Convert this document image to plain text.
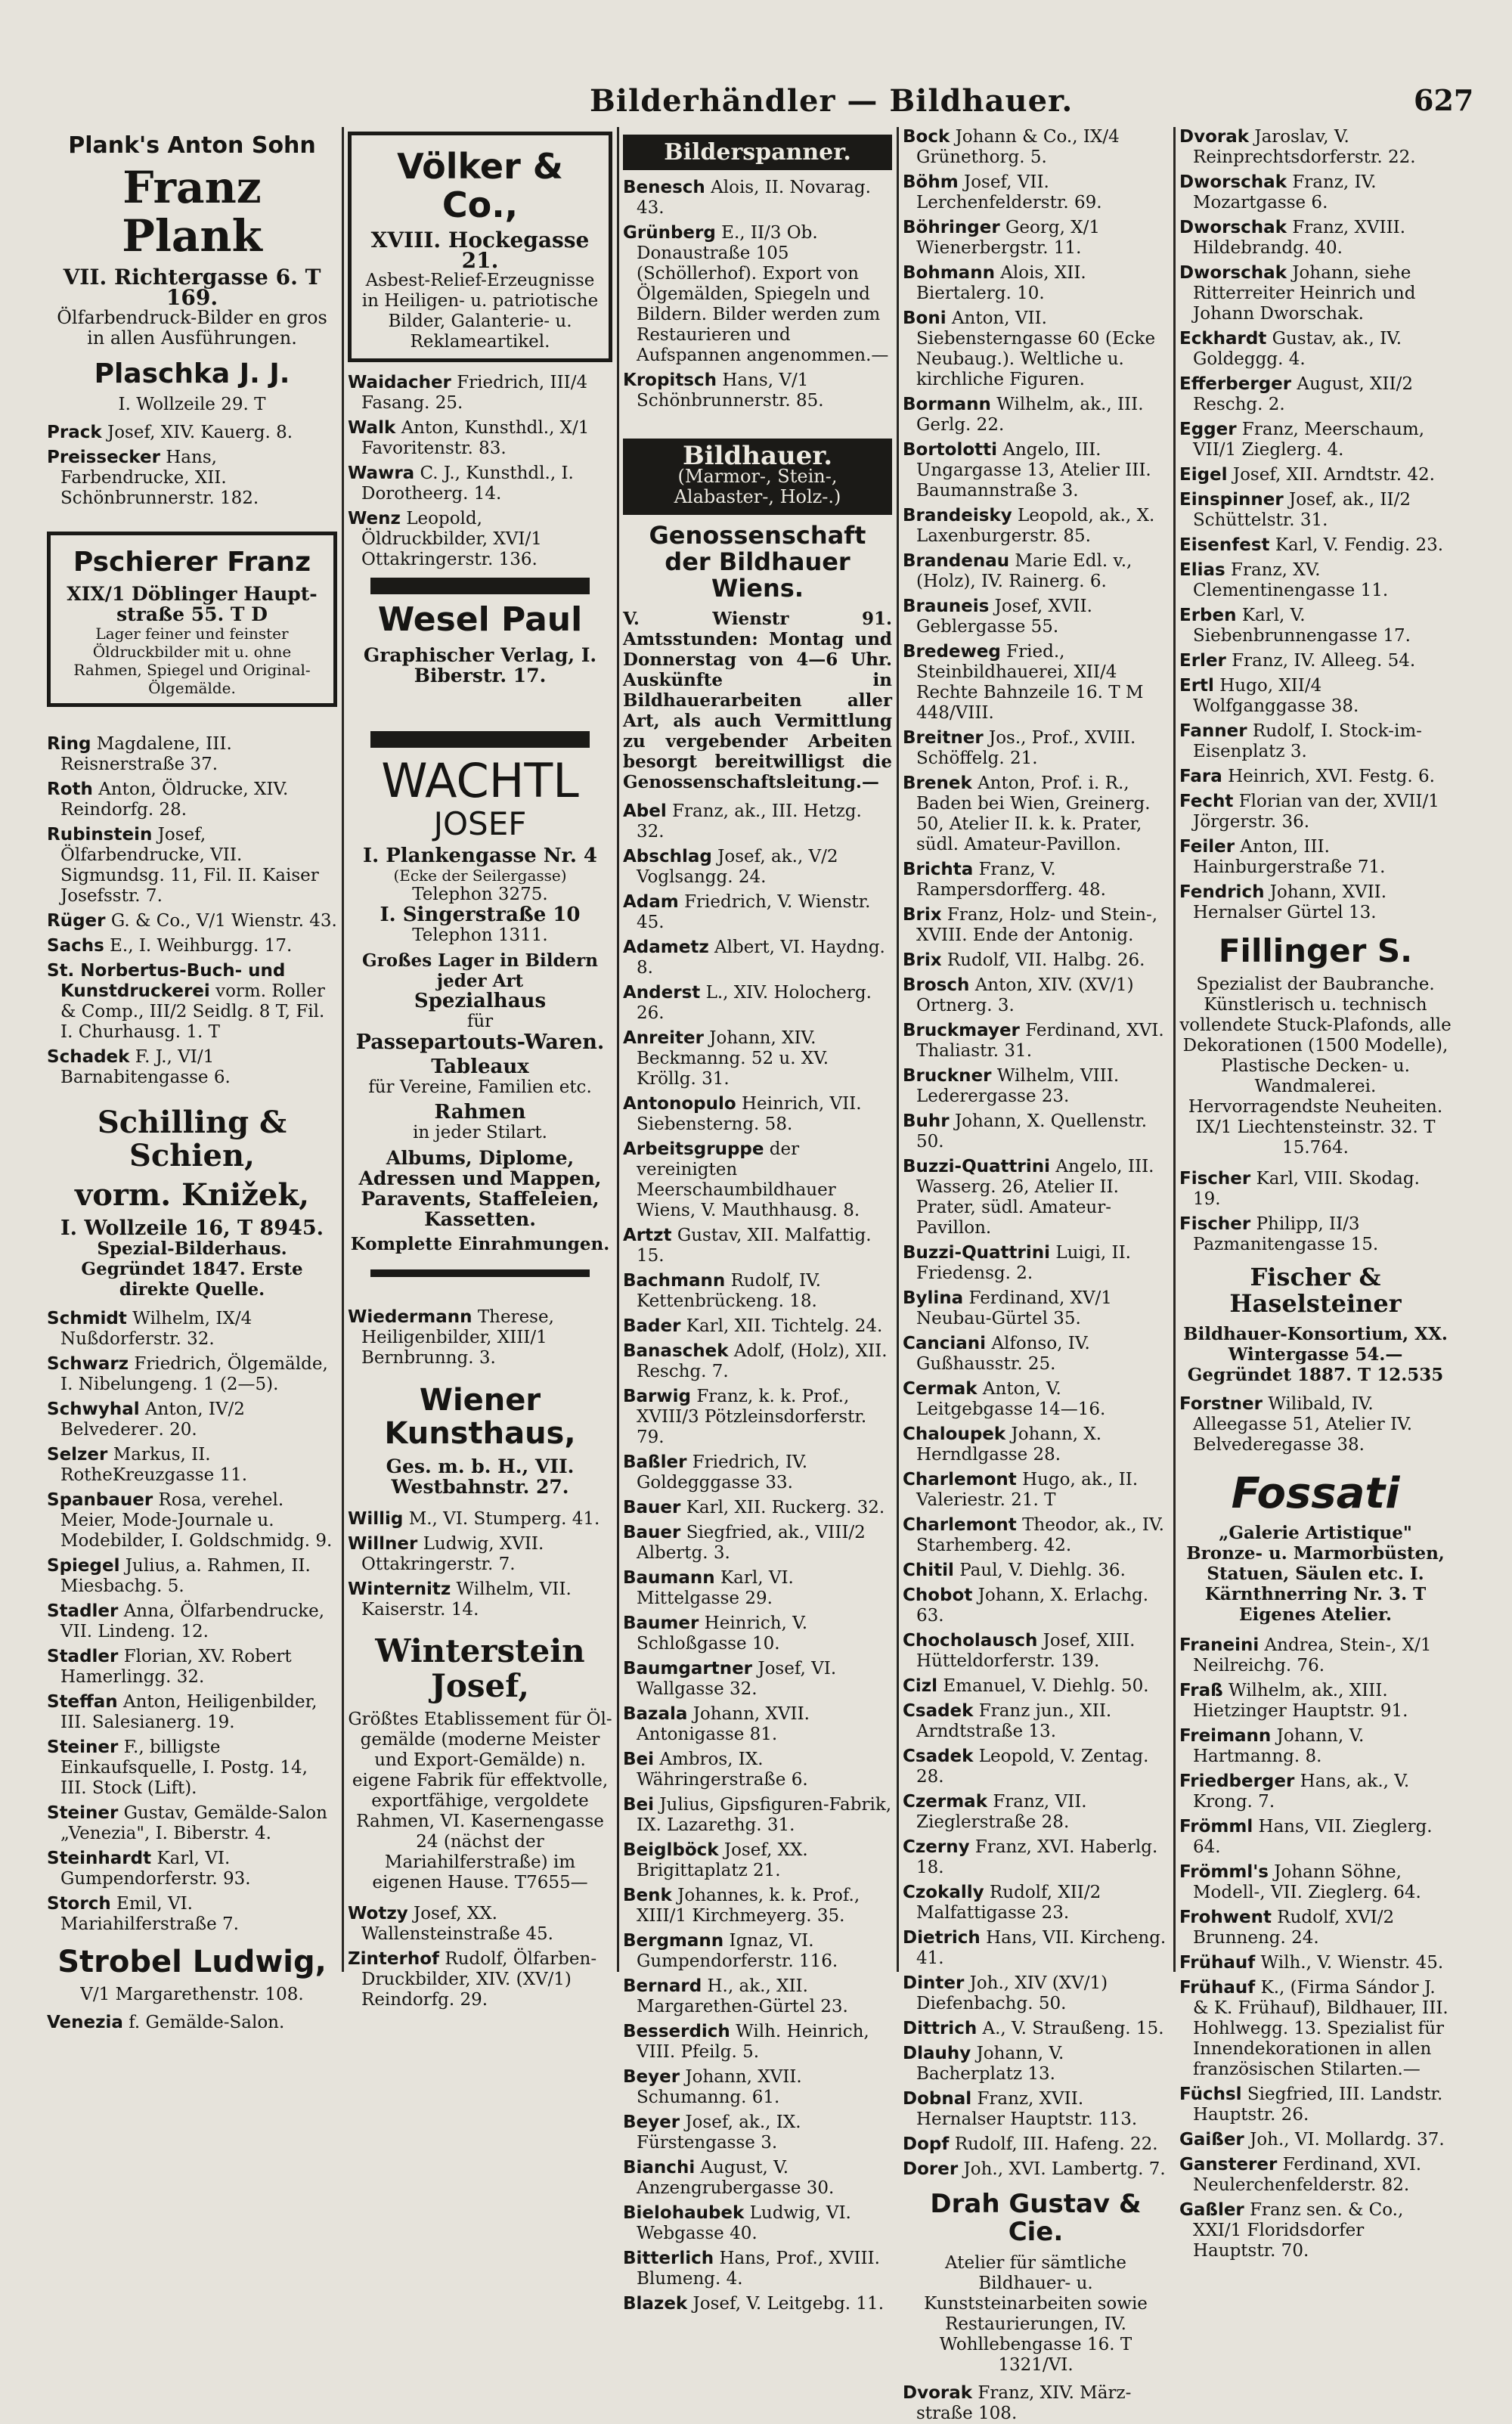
Bilderhändler — Bildhauer.	627
Plank's Anton Sohn
Franz Plank
VII. Richtergasse 6. T 169.
Ölfarbendruck-Bilder en gros in allen Ausführungen.
Plaschka J. J.
I. Wollzeile 29. T
Prack Josef, XIV. Kauerg. 8.
Preissecker Hans, Farbendrucke, XII. Schönbrunnerstr. 182.
Pschierer Franz
XIX/1 Döblinger Haupt-
straße 55. T D
Lager feiner und feinster Öldruckbilder mit u. ohne Rahmen, Spiegel und Original-Ölgemälde.
Ring Magdalene, III. Reisnerstraße 37.
Roth Anton, Öldrucke, XIV. Reindorfg. 28.
Rubinstein Josef, Ölfarbendrucke, VII. Sigmundsg. 11, Fil. II. Kaiser Josefsstr. 7.
Rüger G. & Co., V/1 Wienstr. 43.
Sachs E., I. Weihburgg. 17.
St. Norbertus-Buch- und Kunstdruckerei vorm. Roller & Comp., III/2 Seidlg. 8 T, Fil. I. Churhausg. 1. T
Schadek F. J., VI/1 Barnabitengasse 6.
Schilling & Schien,
vorm. Knižek,
I. Wollzeile 16, T 8945.
Spezial-Bilderhaus. Gegründet 1847. Erste direkte Quelle.
Schmidt Wilhelm, IX/4 Nußdorferstr. 32.
Schwarz Friedrich, Ölgemälde, I. Nibelungeng. 1 (2—5).
Schwyhal Anton, IV/2 Belvederег. 20.
Selzer Markus, II. RotheKreuzgasse 11.
Spanbauer Rosa, verehel. Meier, Mode-Journale u. Modebilder, I. Goldschmidg. 9.
Spiegel Julius, a. Rahmen, II. Miesbachg. 5.
Stadler Anna, Ölfarbendrucke, VII. Lindeng. 12.
Stadler Florian, XV. Robert Hamerlingg. 32.
Steffan Anton, Heiligenbilder, III. Salesianerg. 19.
Steiner F., billigste Einkaufsquelle, I. Postg. 14, III. Stock (Lift).
Steiner Gustav, Gemälde-Salon „Venezia", I. Biberstr. 4.
Steinhardt Karl, VI. Gumpendorferstr. 93.
Storch Emil, VI. Mariahilferstraße 7.
Strobel Ludwig,
V/1 Margarethenstr. 108.
Venezia f. Gemälde-Salon.
Völker & Co.,
XVIII. Hockegasse 21.
Asbest-Relief-Erzeugnisse in Heiligen- u. patriotische Bilder, Galanterie- u. Reklameartikel.
Waidacher Friedrich, III/4 Fasang. 25.
Walk Anton, Kunsthdl., X/1 Favoritenstr. 83.
Wawra C. J., Kunsthdl., I. Dorotheerg. 14.
Wenz Leopold, Öldruckbilder, XVI/1 Ottakringerstr. 136.
Wesel Paul
Graphischer Verlag, I. Biberstr. 17.
WACHTL
JOSEF
I. Plankengasse Nr. 4
(Ecke der Seilergasse)
Telephon 3275.
I. Singerstraße 10
Telephon 1311.
Großes Lager in Bildern jeder Art
Spezialhaus
für
Passepartouts-Waren.
Tableaux
für Vereine, Familien etc.
Rahmen
in jeder Stilart.
Albums, Diplome, Adressen und Mappen, Paravents, Staffeleien, Kassetten.
Komplette Einrahmungen.
Wiedermann Therese, Heiligenbilder, XIII/1 Bernbrunng. 3.
Wiener Kunsthaus,
Ges. m. b. H., VII. Westbahnstr. 27.
Willig M., VI. Stumperg. 41.
Willner Ludwig, XVII. Ottakringerstr. 7.
Winternitz Wilhelm, VII. Kaiserstr. 14.
Winterstein Josef,
Größtes Etablissement für Öl-gemälde (moderne Meister und Export-Gemälde) n. eigene Fabrik für effektvolle, exportfähige, vergoldete Rahmen, VI. Kasernengasse 24 (nächst der Mariahilferstraße) im eigenen Hause. T7655—
Wotzy Josef, XX. Wallensteinstraße 45.
Zinterhof Rudolf, Ölfarben-Druckbilder, XIV. (XV/1) Reindorfg. 29.
Bilderspanner.
Benesch Alois, II. Novarag. 43.
Grünberg E., II/3 Ob. Donaustraße 105 (Schöllerhof). Export von Ölgemälden, Spiegeln und Bildern. Bilder werden zum Restaurieren und Aufspannen angenommen.—
Kropitsch Hans, V/1 Schönbrunnerstr. 85.
Bildhauer.
(Marmor-, Stein-, Alabaster-, Holz-.)
Genossenschaft der Bildhauer Wiens.
V. Wienstr 91. Amtsstunden: Montag und Donnerstag von 4—6 Uhr. Auskünfte in Bildhauerarbeiten aller Art, als auch Vermittlung zu vergebender Arbeiten besorgt bereitwilligst die Genossenschaftsleitung.—
Abel Franz, ak., III. Hetzg. 32.
Abschlag Josef, ak., V/2 Voglsangg. 24.
Adam Friedrich, V. Wienstr. 45.
Adametz Albert, VI. Haydng. 8.
Anderst L., XIV. Holocherg. 26.
Anreiter Johann, XIV. Beckmanng. 52 u. XV. Kröllg. 31.
Antonopulo Heinrich, VII. Siebensterng. 58.
Arbeitsgruppe der vereinigten Meerschaumbildhauer Wiens, V. Mauthhausg. 8.
Artzt Gustav, XII. Malfattig. 15.
Bachmann Rudolf, IV. Kettenbrückeng. 18.
Bader Karl, XII. Tichtelg. 24.
Banaschek Adolf, (Holz), XII. Reschg. 7.
Barwig Franz, k. k. Prof., XVIII/3 Pötzleinsdorferstr. 79.
Baßler Friedrich, IV. Goldegggasse 33.
Bauer Karl, XII. Ruckerg. 32.
Bauer Siegfried, ak., VIII/2 Albertg. 3.
Baumann Karl, VI. Mittelgasse 29.
Baumer Heinrich, V. Schloßgasse 10.
Baumgartner Josef, VI. Wallgasse 32.
Bazala Johann, XVII. Antonigasse 81.
Bei Ambros, IX. Währingerstraße 6.
Bei Julius, Gipsfiguren-Fabrik, IX. Lazarethg. 31.
Beiglböck Josef, XX. Brigittaplatz 21.
Benk Johannes, k. k. Prof., XIII/1 Kirchmeyerg. 35.
Bergmann Ignaz, VI. Gumpendorferstr. 116.
Bernard H., ak., XII. Margarethen-Gürtel 23.
Besserdich Wilh. Heinrich, VIII. Pfeilg. 5.
Beyer Johann, XVII. Schumanng. 61.
Beyer Josef, ak., IX. Fürstengasse 3.
Bianchi August, V. Anzengrubergasse 30.
Bielohaubek Ludwig, VI. Webgasse 40.
Bitterlich Hans, Prof., XVIII. Blumeng. 4.
Blazek Josef, V. Leitgebg. 11.
Bock Johann & Co., IX/4 Grünethorg. 5.
Böhm Josef, VII. Lerchenfelderstr. 69.
Böhringer Georg, X/1 Wienerbergstr. 11.
Bohmann Alois, XII. Biertalerg. 10.
Boni Anton, VII. Siebensterngasse 60 (Ecke Neubaug.). Weltliche u. kirchliche Figuren.
Bormann Wilhelm, ak., III. Gerlg. 22.
Bortolotti Angelo, III. Ungargasse 13, Atelier III. Baumannstraße 3.
Brandeisky Leopold, ak., X. Laxenburgerstr. 85.
Brandenau Marie Edl. v., (Holz), IV. Rainerg. 6.
Brauneis Josef, XVII. Geblergasse 55.
Bredeweg Fried., Steinbildhauerei, XII/4 Rechte Bahnzeile 16. T M 448/VIII.
Breitner Jos., Prof., XVIII. Schöffelg. 21.
Brenek Anton, Prof. i. R., Baden bei Wien, Greinerg. 50, Atelier II. k. k. Prater, südl. Amateur-Pavillon.
Brichta Franz, V. Rampersdorfferg. 48.
Brix Franz, Holz- und Stein-, XVIII. Ende der Antonig.
Brix Rudolf, VII. Halbg. 26.
Brosch Anton, XIV. (XV/1) Ortnerg. 3.
Bruckmayer Ferdinand, XVI. Thaliastr. 31.
Bruckner Wilhelm, VIII. Lederergasse 23.
Buhr Johann, X. Quellenstr. 50.
Buzzi-Quattrini Angelo, III. Wasserg. 26, Atelier II. Prater, südl. Amateur-Pavillon.
Buzzi-Quattrini Luigi, II. Friedensg. 2.
Bylina Ferdinand, XV/1 Neubau-Gürtel 35.
Canciani Alfonso, IV. Gußhausstr. 25.
Cermak Anton, V. Leitgebgasse 14—16.
Chaloupek Johann, X. Herndlgasse 28.
Charlemont Hugo, ak., II. Valeriestr. 21. T
Charlemont Theodor, ak., IV. Starhemberg. 42.
Chitil Paul, V. Diehlg. 36.
Chobot Johann, X. Erlachg. 63.
Chocholausch Josef, XIII. Hütteldorferstr. 139.
Cizl Emanuel, V. Diehlg. 50.
Csadek Franz jun., XII. Arndtstraße 13.
Csadek Leopold, V. Zentag. 28.
Czermak Franz, VII. Zieglerstraße 28.
Czerny Franz, XVI. Haberlg. 18.
Czokally Rudolf, XII/2 Malfattigasse 23.
Dietrich Hans, VII. Kircheng. 41.
Dinter Joh., XIV (XV/1) Diefenbachg. 50.
Dittrich A., V. Straußeng. 15.
Dlauhy Johann, V. Bacherplatz 13.
Dobnal Franz, XVII. Hernalser Hauptstr. 113.
Dopf Rudolf, III. Hafeng. 22.
Dorer Joh., XVI. Lambertg. 7.
Drah Gustav & Cie.
Atelier für sämtliche Bildhauer- u. Kunststeinarbeiten sowie Restaurierungen, IV. Wohllebengasse 16. T 1321/VI.
Dvorak Franz, XIV. März-straße 108.
Dvorak Jaroslav, V. Reinprechtsdorferstr. 22.
Dworschak Franz, IV. Mozartgasse 6.
Dworschak Franz, XVIII. Hildebrandg. 40.
Dworschak Johann, siehe Ritterreiter Heinrich und Johann Dworschak.
Eckhardt Gustav, ak., IV. Goldeggg. 4.
Efferberger August, XII/2 Reschg. 2.
Egger Franz, Meerschaum, VII/1 Zieglerg. 4.
Eigel Josef, XII. Arndtstr. 42.
Einspinner Josef, ak., II/2 Schüttelstr. 31.
Eisenfest Karl, V. Fendig. 23.
Elias Franz, XV. Clementinengasse 11.
Erben Karl, V. Siebenbrunnengasse 17.
Erler Franz, IV. Alleeg. 54.
Ertl Hugo, XII/4 Wolfganggasse 38.
Fanner Rudolf, I. Stock-im-Eisenplatz 3.
Fara Heinrich, XVI. Festg. 6.
Fecht Florian van der, XVII/1 Jörgerstr. 36.
Feiler Anton, III. Hainburgerstraße 71.
Fendrich Johann, XVII. Hernalser Gürtel 13.
Fillinger S.
Spezialist der Baubranche. Künstlerisch u. technisch vollendete Stuck-Plafonds, alle Dekorationen (1500 Modelle), Plastische Decken- u. Wandmalerei. Hervorragendste Neuheiten. IX/1 Liechtensteinstr. 32. T 15.764.
Fischer Karl, VIII. Skodag. 19.
Fischer Philipp, II/3 Pazmanitengasse 15.
Fischer & Haselsteiner
Bildhauer-Konsortium, XX. Wintergasse 54.— Gegründet 1887. T 12.535
Forstner Wilibald, IV. Alleegasse 51, Atelier IV. Belvederegasse 38.
Fossati
„Galerie Artistique" Bronze- u. Marmorbüsten, Statuen, Säulen etc. I. Kärnthnerring Nr. 3. T Eigenes Atelier.
Franeini Andrea, Stein-, X/1 Neilreichg. 76.
Fraß Wilhelm, ak., XIII. Hietzinger Hauptstr. 91.
Freimann Johann, V. Hartmanng. 8.
Friedberger Hans, ak., V. Krong. 7.
Frömml Hans, VII. Zieglerg. 64.
Frömml's Johann Söhne, Modell-, VII. Zieglerg. 64.
Frohwent Rudolf, XVI/2 Brunneng. 24.
Frühauf Wilh., V. Wienstr. 45.
Frühauf K., (Firma Sándor J. & K. Frühauf), Bildhauer, III. Hohlwegg. 13. Spezialist für Innendekorationen in allen französischen Stilarten.—
Füchsl Siegfried, III. Landstr. Hauptstr. 26.
Gaißer Joh., VI. Mollardg. 37.
Gansterer Ferdinand, XVI. Neulerchenfelderstr. 82.
Gaßler Franz sen. & Co., XXI/1 Floridsdorfer Hauptstr. 70.
